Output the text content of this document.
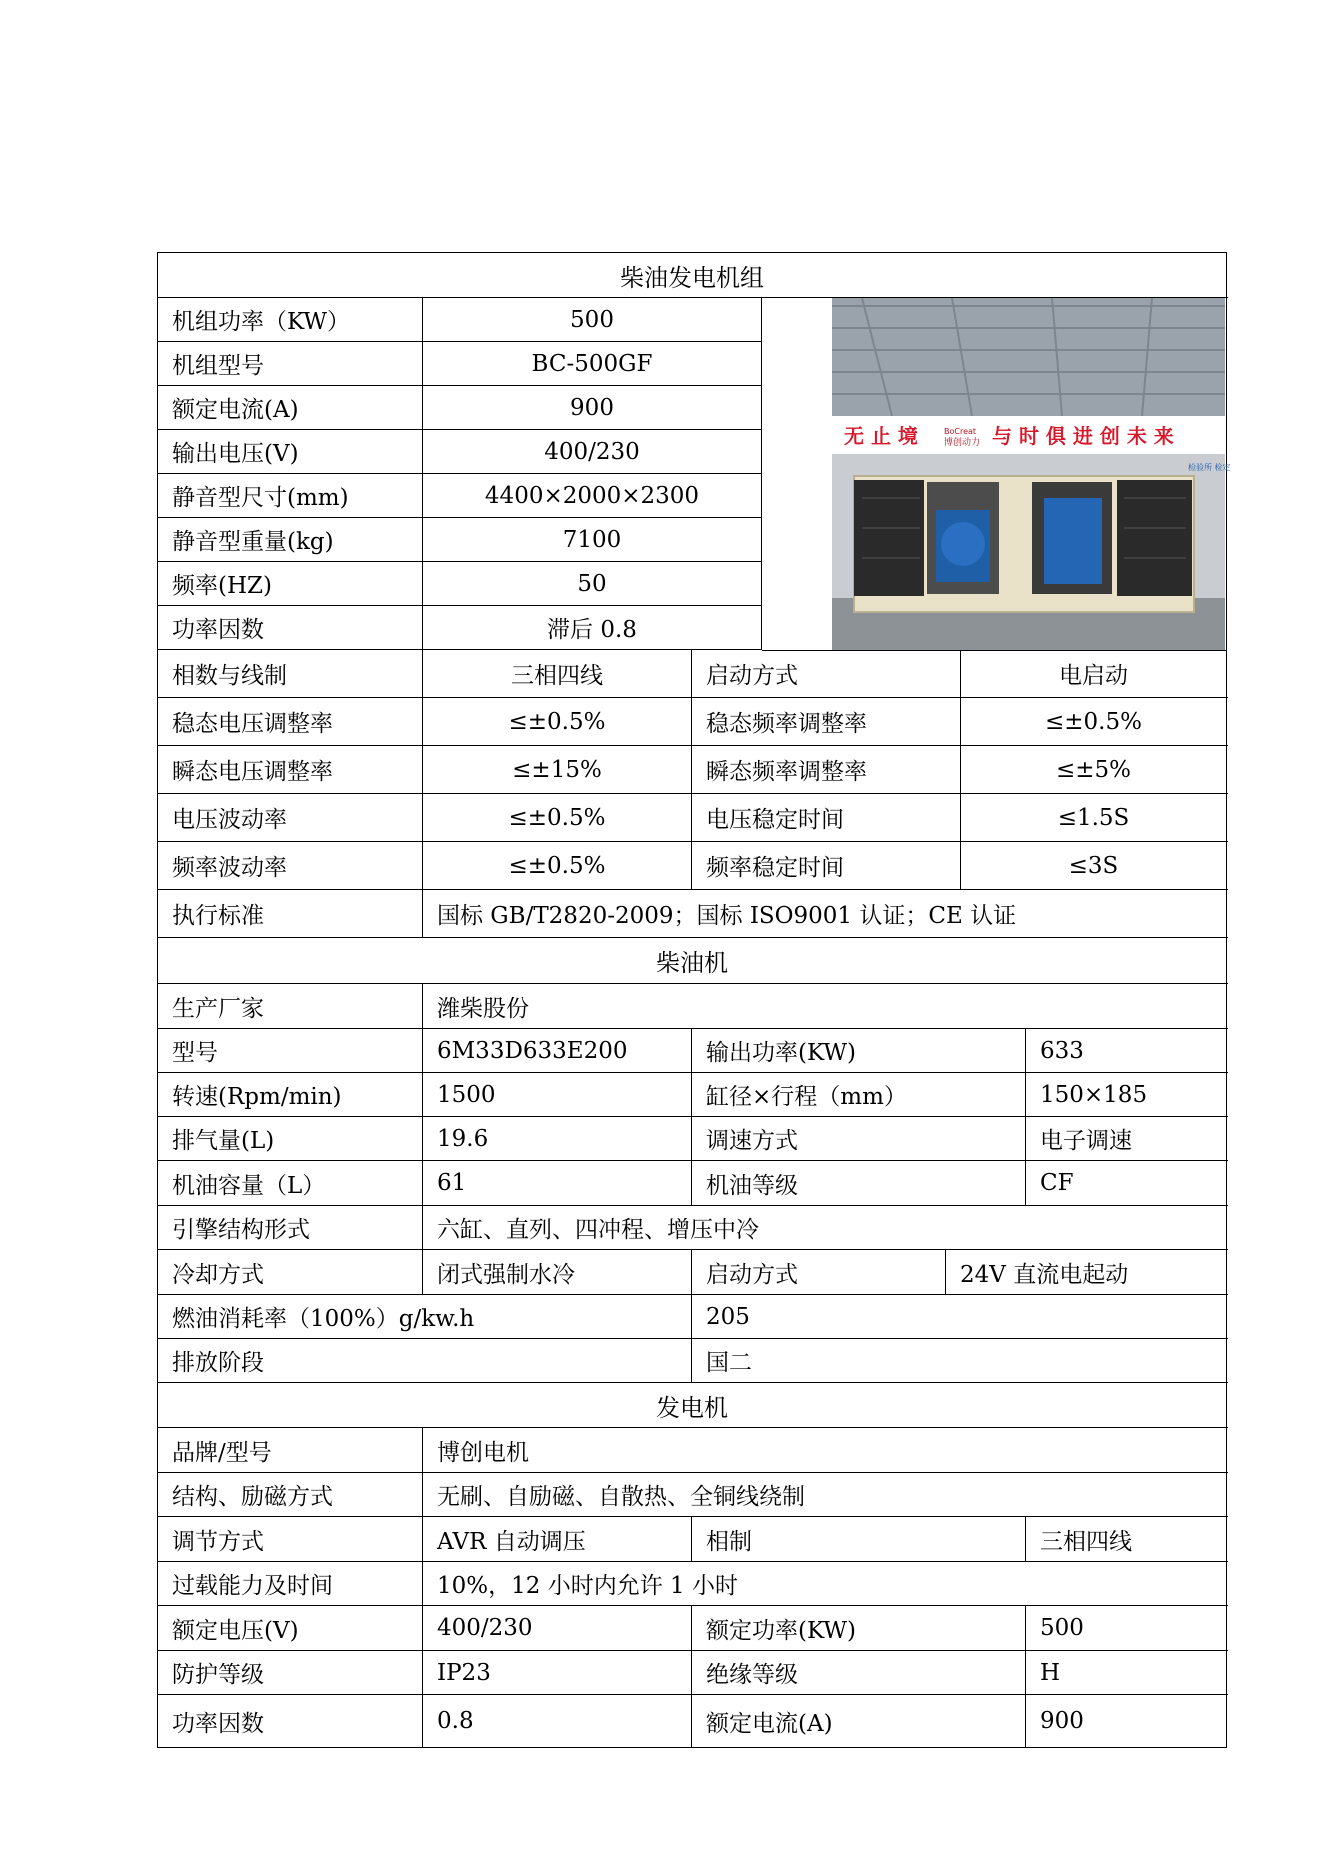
柴油发电机组
机组功率（KW）	500
机组型号	BC-500GF
额定电流(A)	900
输出电压(V)	400/230
静音型尺寸(mm)	4400×2000×2300
静音型重量(kg)	7100
频率(HZ)	50
功率因数	滞后 0.8
无 止 境	BoCreat
博创动力 与 时 俱 进 创 未 来
检验所 检定
相数与线制	三相四线	启动方式	电启动
稳态电压调整率	≤±0.5%	稳态频率调整率	≤±0.5%
瞬态电压调整率	≤±15%	瞬态频率调整率	≤±5%
电压波动率	≤±0.5%	电压稳定时间	≤1.5S
频率波动率	≤±0.5%	频率稳定时间	≤3S
执行标准	国标 GB/T2820-2009；国标 ISO9001 认证；CE 认证
柴油机
生产厂家	潍柴股份
型号	6M33D633E200	输出功率(KW)	633
转速(Rpm/min)	1500	缸径×行程（mm）	150×185
排气量(L)	19.6	调速方式	电子调速
机油容量（L）	61	机油等级	CF
引擎结构形式	六缸、直列、四冲程、增压中冷
冷却方式	闭式强制水冷	启动方式	24V 直流电起动
燃油消耗率（100%）g/kw.h	205
排放阶段	国二
发电机
品牌/型号	博创电机
结构、励磁方式	无刷、自励磁、自散热、全铜线绕制
调节方式	AVR 自动调压	相制	三相四线
过载能力及时间	10%，12 小时内允许 1 小时
额定电压(V)	400/230	额定功率(KW)	500
防护等级	IP23	绝缘等级	H
功率因数	0.8	额定电流(A)	900
